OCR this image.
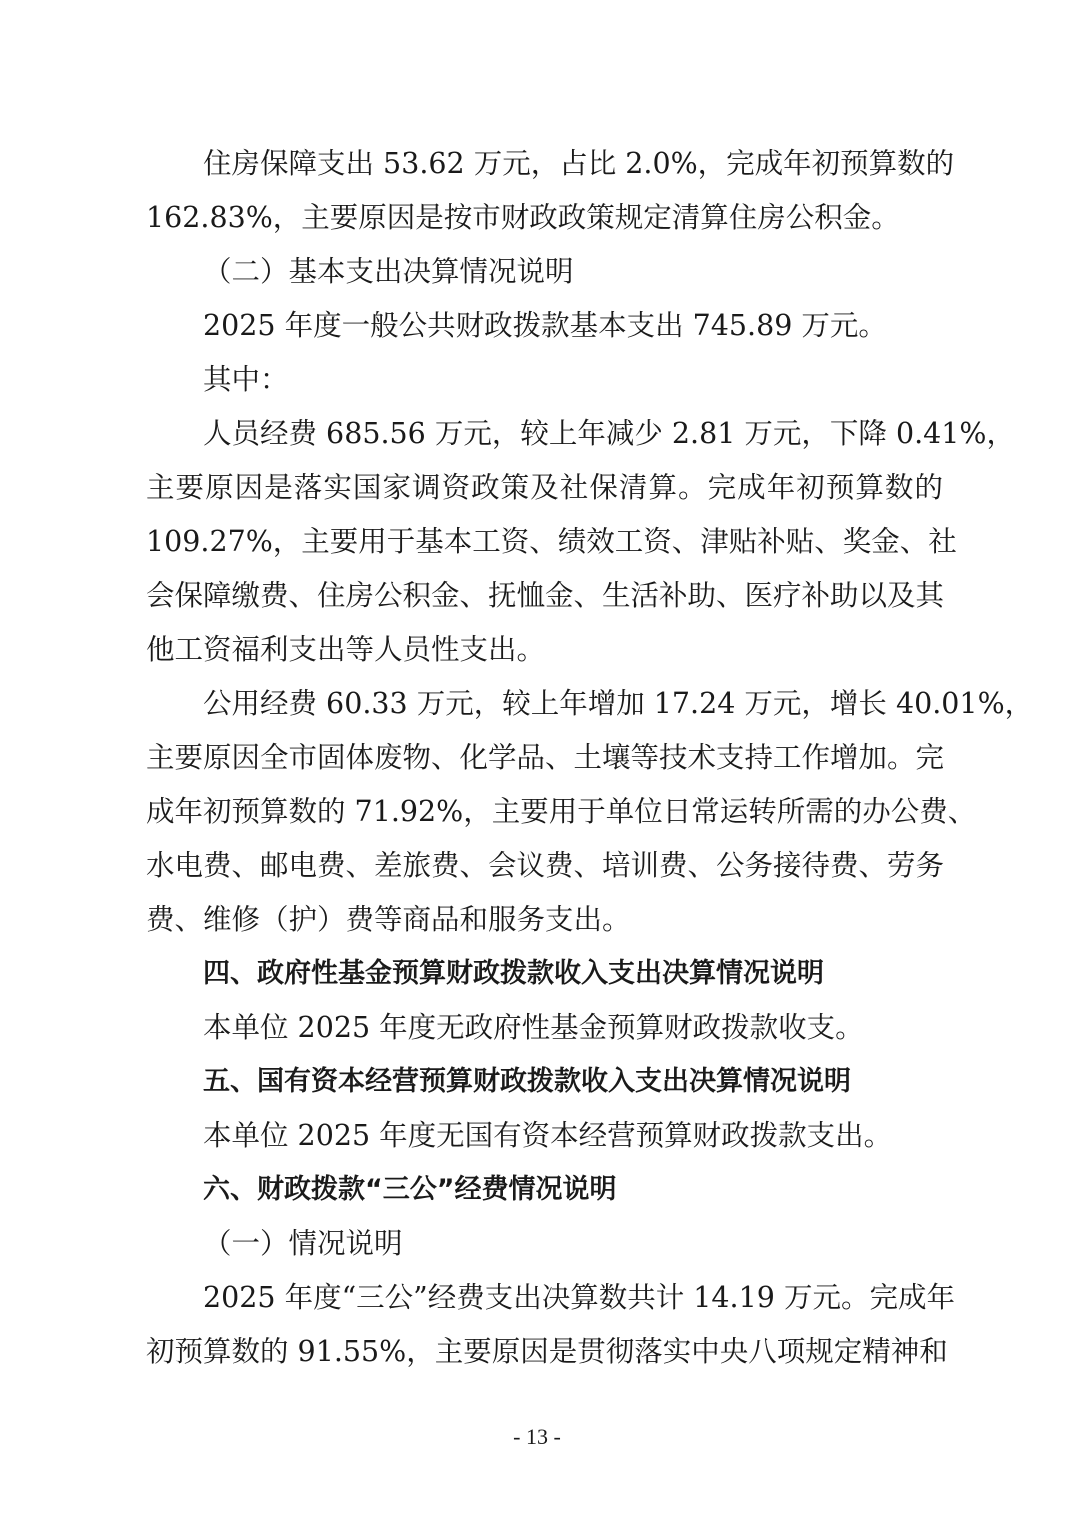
住房保障支出 53.62 万元，占比 2.0%，完成年初预算数的
162.83%，主要原因是按市财政政策规定清算住房公积金。
（二）基本支出决算情况说明
2025 年度一般公共财政拨款基本支出 745.89 万元。
其中：
人员经费 685.56 万元，较上年减少 2.81 万元，下降 0.41%，
主要原因是落实国家调资政策及社保清算。完成年初预算数的
109.27%，主要用于基本工资、绩效工资、津贴补贴、奖金、社
会保障缴费、住房公积金、抚恤金、生活补助、医疗补助以及其
他工资福利支出等人员性支出。
公用经费 60.33 万元，较上年增加 17.24 万元，增长 40.01%，
主要原因全市固体废物、化学品、土壤等技术支持工作增加。完
成年初预算数的 71.92%，主要用于单位日常运转所需的办公费、
水电费、邮电费、差旅费、会议费、培训费、公务接待费、劳务
费、维修（护）费等商品和服务支出。
四、政府性基金预算财政拨款收入支出决算情况说明
本单位 2025 年度无政府性基金预算财政拨款收支。
五、国有资本经营预算财政拨款收入支出决算情况说明
本单位 2025 年度无国有资本经营预算财政拨款支出。
六、财政拨款“三公”经费情况说明
（一）情况说明
2025 年度“三公”经费支出决算数共计 14.19 万元。完成年
初预算数的 91.55%，主要原因是贯彻落实中央八项规定精神和
- 13 -
